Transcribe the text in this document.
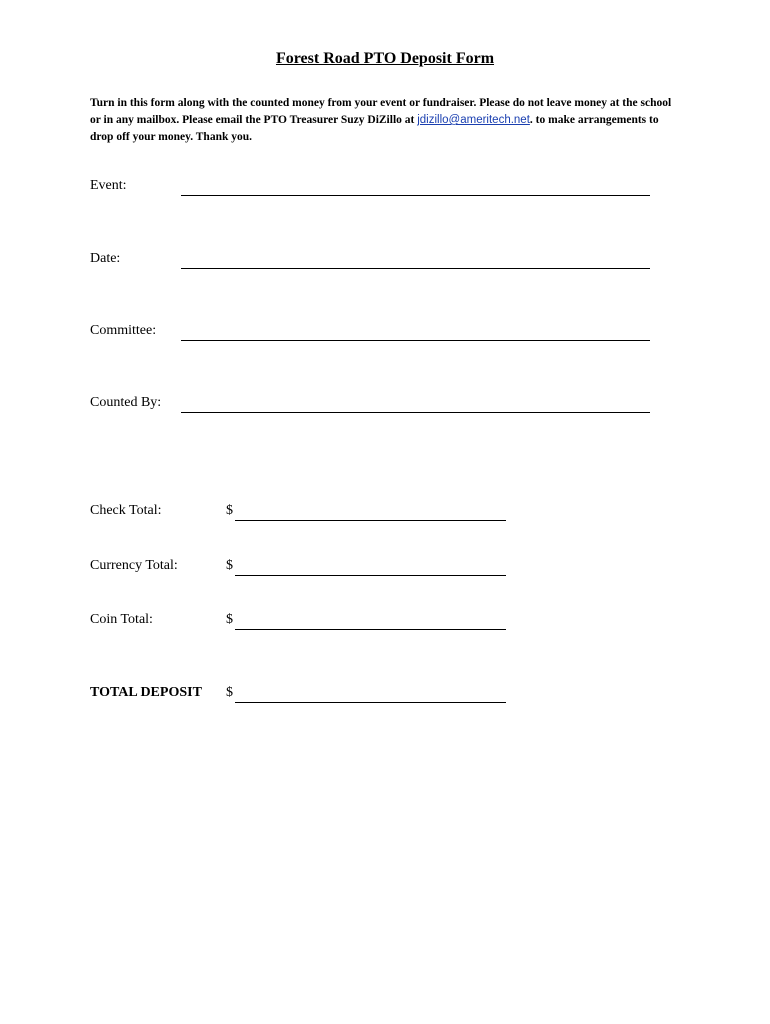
Forest Road PTO Deposit Form
Turn in this form along with the counted money from your event or fundraiser. Please do not leave money at the school or in any mailbox. Please email the PTO Treasurer Suzy DiZillo at jdizillo@ameritech.net. to make arrangements to drop off your money. Thank you.
Event:
Date:
Committee:
Counted By:
Check Total:	$
Currency Total:	$
Coin Total:	$
TOTAL DEPOSIT $
